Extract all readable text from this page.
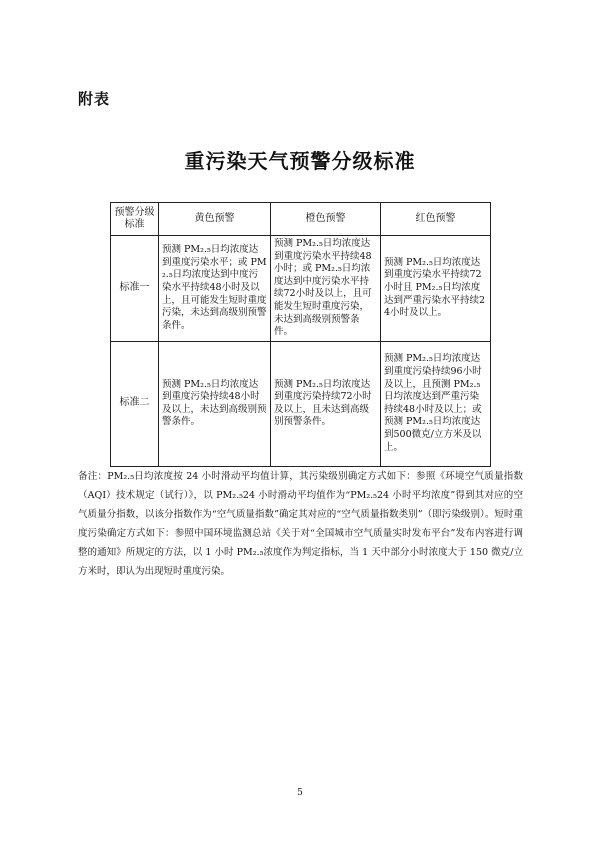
附表
重污染天气预警分级标准
预警分级标准	黄色预警	橙色预警	红色预警
标准一	预测 PM₂.₅日均浓度达到重度污染水平；或 PM₂.₅日均浓度达到中度污染水平持续48小时及以上，且可能发生短时重度污染，未达到高级别预警条件。	预测 PM₂.₅日均浓度达到重度污染水平持续48小时；或 PM₂.₅日均浓度达到中度污染水平持续72小时及以上，且可能发生短时重度污染，未达到高级别预警条件。	预测 PM₂.₅日均浓度达到重度污染水平持续72小时且 PM₂.₅日均浓度达到严重污染水平持续24小时及以上。
标准二	预测 PM₂.₅日均浓度达到重度污染持续48小时及以上，未达到高级别预警条件。	预测 PM₂.₅日均浓度达到重度污染持续72小时及以上，且未达到高级别预警条件。	预测 PM₂.₅日均浓度达到重度污染持续96小时及以上，且预测 PM₂.₅日均浓度达到严重污染持续48小时及以上；或预测 PM₂.₅日均浓度达到500微克/立方米及以上。
备注：PM₂.₅日均浓度按 24 小时滑动平均值计算，其污染级别确定方式如下：参照《环境空气质量指数（AQI）技术规定（试行）》，以 PM₂.₅24 小时滑动平均值作为“PM₂.₅24 小时平均浓度”得到其对应的空气质量分指数，以该分指数作为“空气质量指数”确定其对应的“空气质量指数类别”（即污染级别）。短时重度污染确定方式如下：参照中国环境监测总站《关于对“全国城市空气质量实时发布平台”发布内容进行调整的通知》所规定的方法，以 1 小时 PM₂.₅浓度作为判定指标，当 1 天中部分小时浓度大于 150 微克/立方米时，即认为出现短时重度污染。
5
